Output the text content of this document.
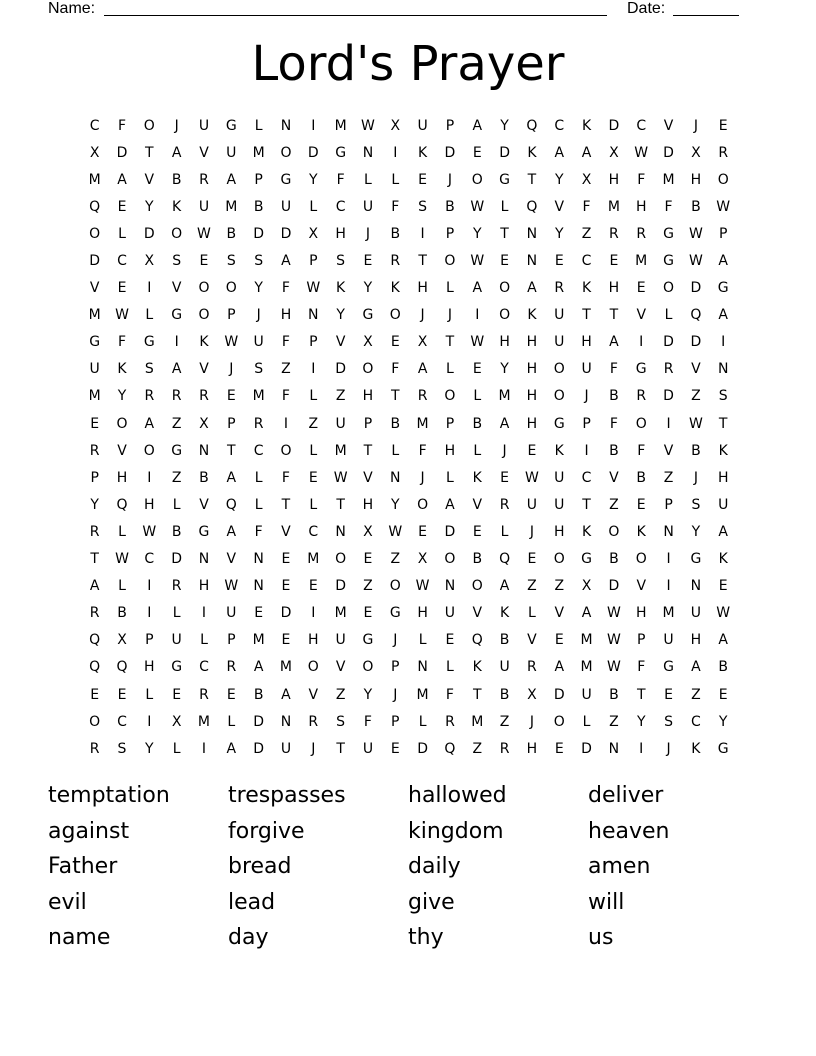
Name:	Date:
Lord's Prayer
C	F	O	J	U	G	L	N	I	M	W	X	U	P	A	Y	Q	C	K	D	C	V	J	E
X	D	T	A	V	U	M	O	D	G	N	I	K	D	E	D	K	A	A	X	W	D	X	R
M	A	V	B	R	A	P	G	Y	F	L	L	E	J	O	G	T	Y	X	H	F	M	H	O
Q	E	Y	K	U	M	B	U	L	C	U	F	S	B	W	L	Q	V	F	M	H	F	B	W
O	L	D	O	W	B	D	D	X	H	J	B	I	P	Y	T	N	Y	Z	R	R	G	W	P
D	C	X	S	E	S	S	A	P	S	E	R	T	O	W	E	N	E	C	E	M	G	W	A
V	E	I	V	O	O	Y	F	W	K	Y	K	H	L	A	O	A	R	K	H	E	O	D	G
M	W	L	G	O	P	J	H	N	Y	G	O	J	J	I	O	K	U	T	T	V	L	Q	A
G	F	G	I	K	W	U	F	P	V	X	E	X	T	W	H	H	U	H	A	I	D	D	I
U	K	S	A	V	J	S	Z	I	D	O	F	A	L	E	Y	H	O	U	F	G	R	V	N
M	Y	R	R	R	E	M	F	L	Z	H	T	R	O	L	M	H	O	J	B	R	D	Z	S
E	O	A	Z	X	P	R	I	Z	U	P	B	M	P	B	A	H	G	P	F	O	I	W	T
R	V	O	G	N	T	C	O	L	M	T	L	F	H	L	J	E	K	I	B	F	V	B	K
P	H	I	Z	B	A	L	F	E	W	V	N	J	L	K	E	W	U	C	V	B	Z	J	H
Y	Q	H	L	V	Q	L	T	L	T	H	Y	O	A	V	R	U	U	T	Z	E	P	S	U
R	L	W	B	G	A	F	V	C	N	X	W	E	D	E	L	J	H	K	O	K	N	Y	A
T	W	C	D	N	V	N	E	M	O	E	Z	X	O	B	Q	E	O	G	B	O	I	G	K
A	L	I	R	H	W	N	E	E	D	Z	O	W	N	O	A	Z	Z	X	D	V	I	N	E
R	B	I	L	I	U	E	D	I	M	E	G	H	U	V	K	L	V	A	W	H	M	U	W
Q	X	P	U	L	P	M	E	H	U	G	J	L	E	Q	B	V	E	M	W	P	U	H	A
Q	Q	H	G	C	R	A	M	O	V	O	P	N	L	K	U	R	A	M	W	F	G	A	B
E	E	L	E	R	E	B	A	V	Z	Y	J	M	F	T	B	X	D	U	B	T	E	Z	E
O	C	I	X	M	L	D	N	R	S	F	P	L	R	M	Z	J	O	L	Z	Y	S	C	Y
R	S	Y	L	I	A	D	U	J	T	U	E	D	Q	Z	R	H	E	D	N	I	J	K	G
temptation	trespasses	hallowed	deliver
against	forgive	kingdom	heaven
Father	bread	daily	amen
evil	lead	give	will
name	day	thy	us
